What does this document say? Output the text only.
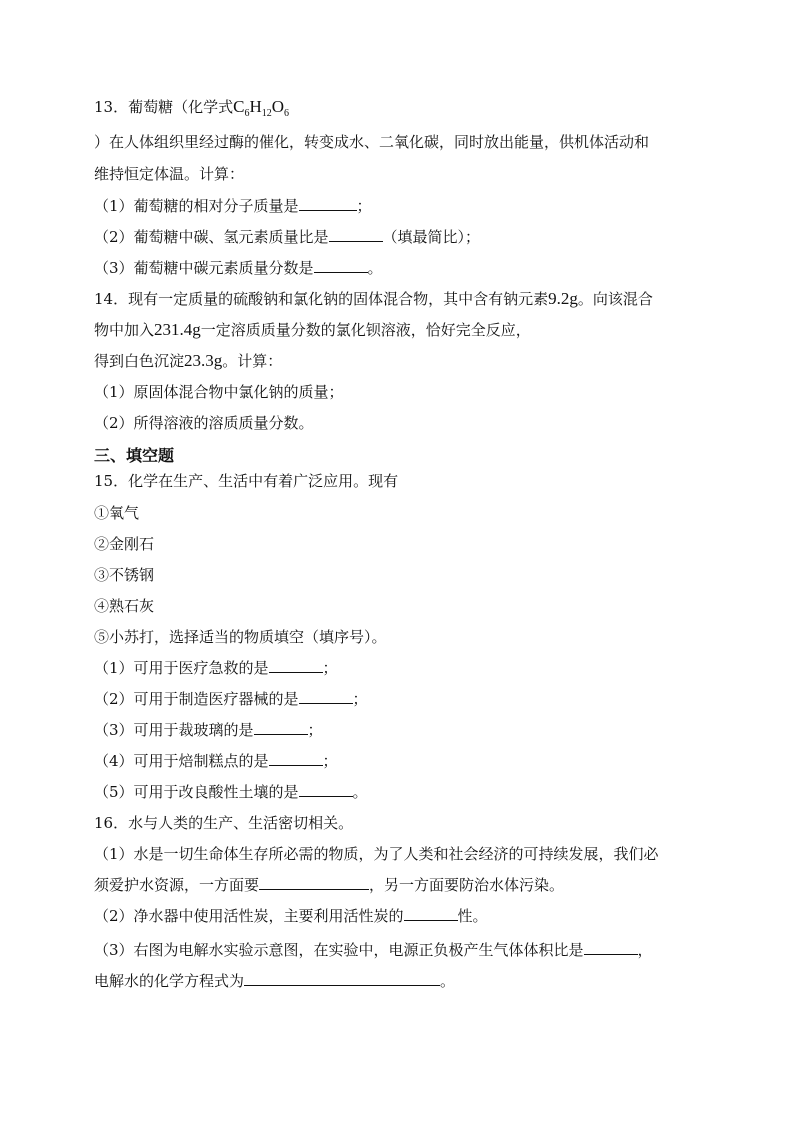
13．葡萄糖（化学式$C_6H_{12}O_6$
）在人体组织里经过酶的催化，转变成水、二氧化碳，同时放出能量，供机体活动和
维持恒定体温。计算：
（1）葡萄糖的相对分子质量是	；
（2）葡萄糖中碳、氢元素质量比是	（填最简比）；
（3）葡萄糖中碳元素质量分数是	。
14．现有一定质量的硫酸钠和氯化钠的固体混合物，其中含有钠元素9.2g。向该混合
物中加入231.4g一定溶质质量分数的氯化钡溶液，恰好完全反应，
得到白色沉淀23.3g。计算：
（1）原固体混合物中氯化钠的质量；
（2）所得溶液的溶质质量分数。
三、填空题
15．化学在生产、生活中有着广泛应用。现有
①氧气
②金刚石
③不锈钢
④熟石灰
⑤小苏打，选择适当的物质填空（填序号）。
（1）可用于医疗急救的是	；
（2）可用于制造医疗器械的是	；
（3）可用于裁玻璃的是	；
（4）可用于焙制糕点的是	；
（5）可用于改良酸性土壤的是	。
16．水与人类的生产、生活密切相关。
（1）水是一切生命体生存所必需的物质，为了人类和社会经济的可持续发展，我们必
须爱护水资源，一方面要	，另一方面要防治水体污染。
（2）净水器中使用活性炭，主要利用活性炭的	性。
（3）右图为电解水实验示意图，在实验中，电源正负极产生气体体积比是	，
电解水的化学方程式为	。
